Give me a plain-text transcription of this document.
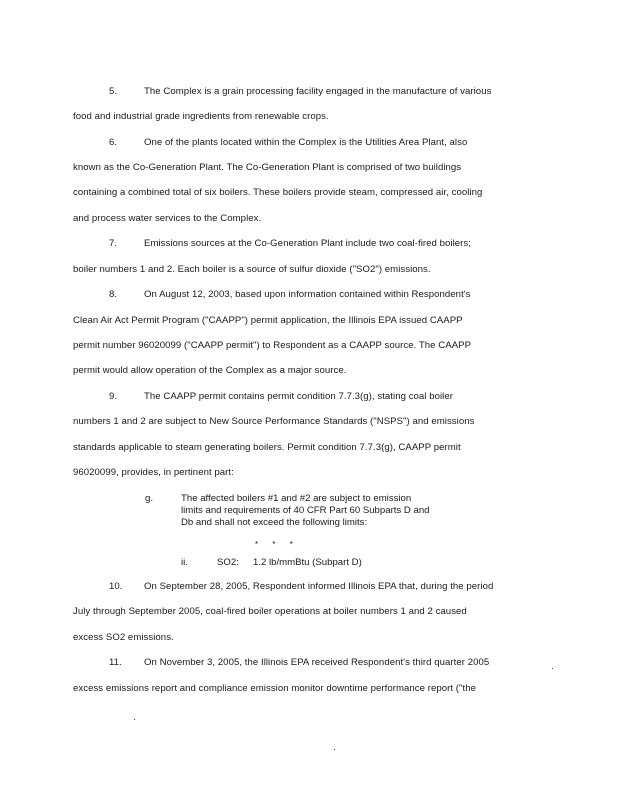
5.	The Complex is a grain processing facility engaged in the manufacture of various
food and industrial grade ingredients from renewable crops.
6.	One of the plants located within the Complex is the Utilities Area Plant, also
known as the Co-Generation Plant. The Co-Generation Plant is comprised of two buildings
containing a combined total of six boilers. These boilers provide steam, compressed air, cooling
and process water services to the Complex.
7.	Emissions sources at the Co-Generation Plant include two coal-fired boilers;
boiler numbers 1 and 2. Each boiler is a source of sulfur dioxide ("SO2") emissions.
8.	On August 12, 2003, based upon information contained within Respondent's
Clean Air Act Permit Program ("CAAPP") permit application, the Illinois EPA issued CAAPP
permit number 96020099 ("CAAPP permit") to Respondent as a CAAPP source. The CAAPP
permit would allow operation of the Complex as a major source.
9.	The CAAPP permit contains permit condition 7.7.3(g), stating coal boiler
numbers 1 and 2 are subject to New Source Performance Standards ("NSPS") and emissions
standards applicable to steam generating boilers. Permit condition 7.7.3(g), CAAPP permit
96020099, provides, in pertinent part:
g.	The affected boilers #1 and #2 are subject to emission
limits and requirements of 40 CFR Part 60 Subparts D and
Db and shall not exceed the following limits:
* * *
ii.	SO2: 1.2 lb/mmBtu (Subpart D)
10. On September 28, 2005, Respondent informed Illinois EPA that, during the period
July through September 2005, coal-fired boiler operations at boiler numbers 1 and 2 caused
excess SO2 emissions.
11. On November 3, 2005, the Illinois EPA received Respondent's third quarter 2005
excess emissions report and compliance emission monitor downtime performance report ("the
